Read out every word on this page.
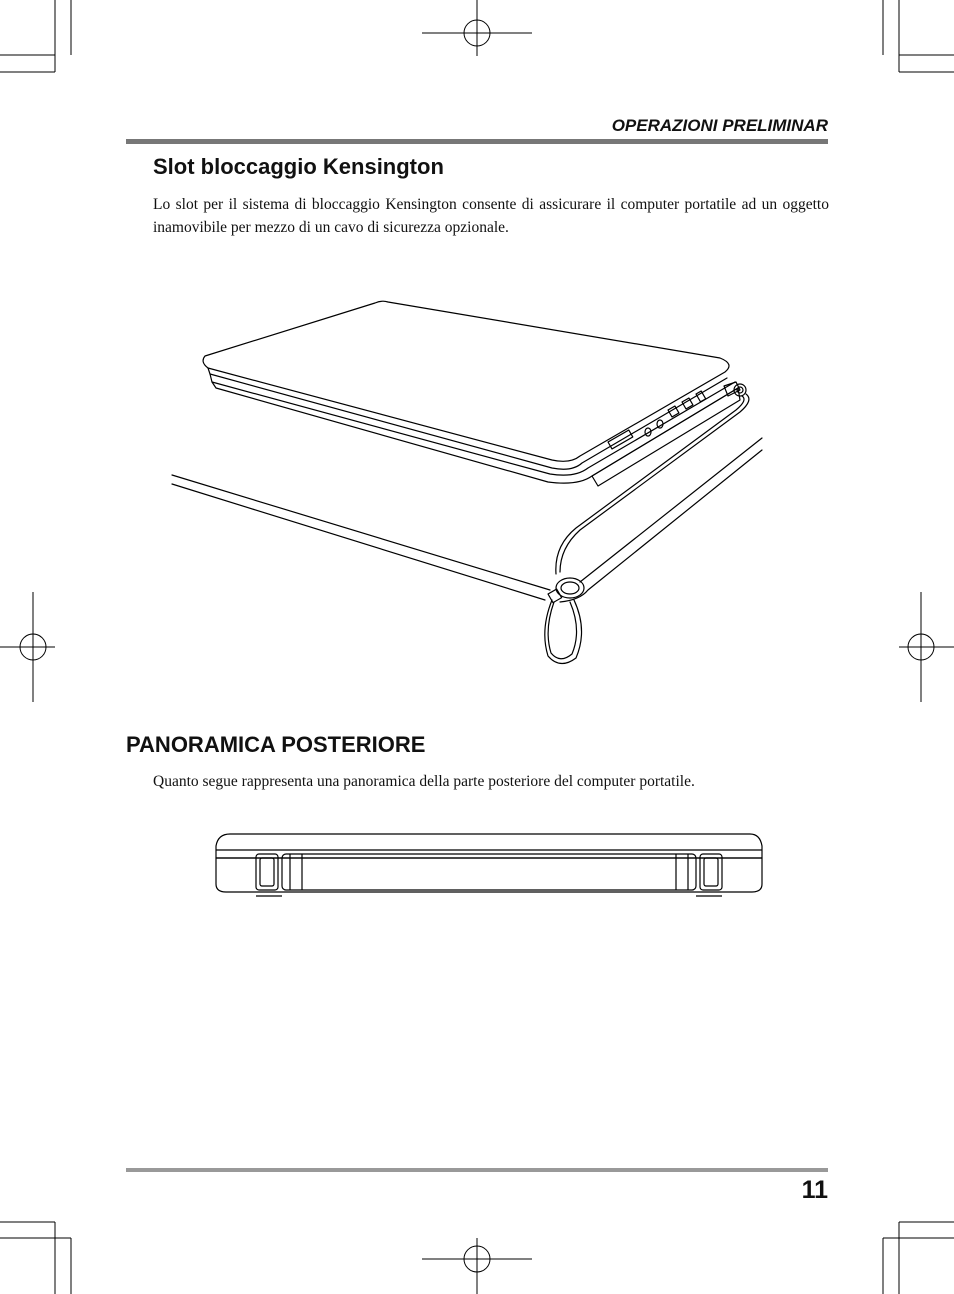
OPERAZIONI PRELIMINAR
Slot bloccaggio Kensington
Lo slot per il sistema di bloccaggio Kensington consente di assicurare il computer portatile ad un oggetto inamovibile per mezzo di un cavo di sicurezza opzionale.
PANORAMICA POSTERIORE
Quanto segue rappresenta una panoramica della parte posteriore del computer portatile.
11
